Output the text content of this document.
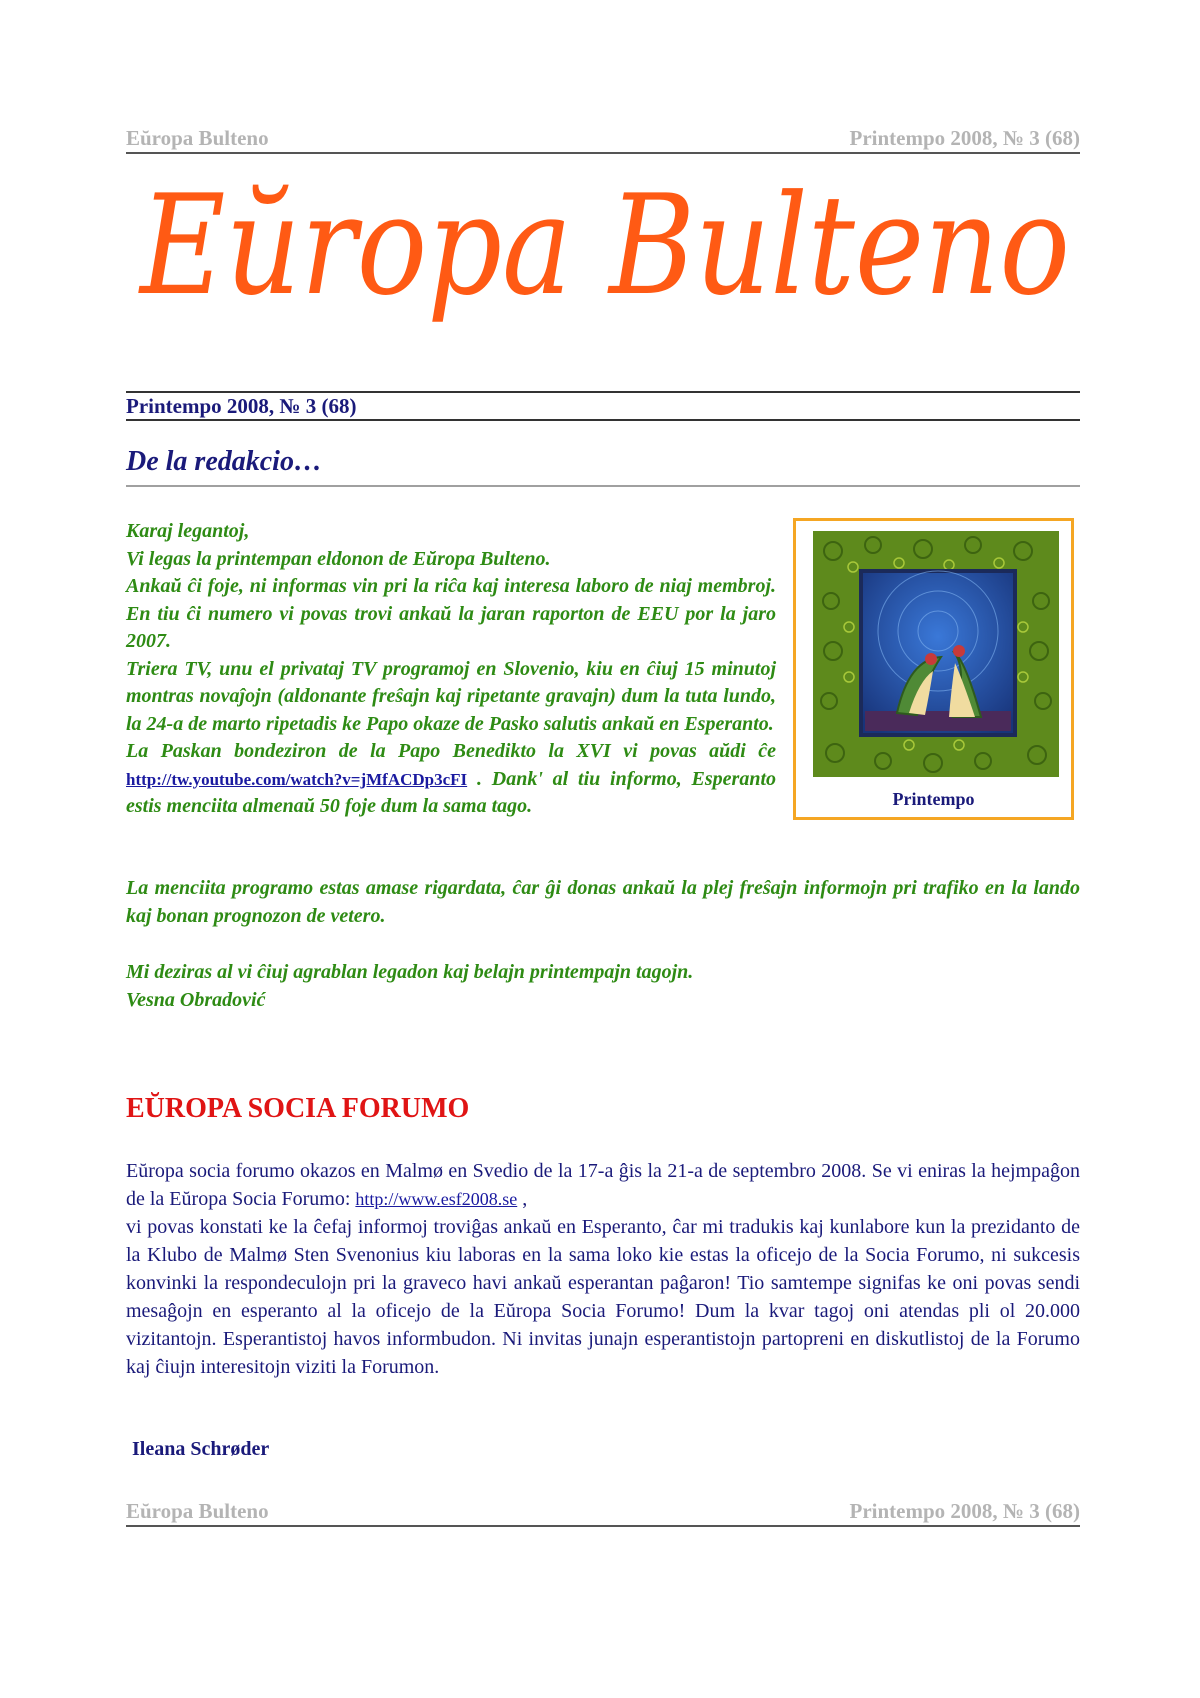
Eŭropa Bulteno	Printempo 2008, № 3 (68)
Eŭropa Bulteno
Printempo 2008, № 3 (68)
De la redakcio…

Karaj legantoj,

Vi legas la printempan eldonon de Eŭropa Bulteno.

Ankaŭ ĉi foje, ni informas vin pri la riĉa kaj interesa laboro de niaj membroj. En tiu ĉi numero vi povas trovi ankaŭ la jaran raporton de EEU por la jaro 2007.

Triera TV, unu el privataj TV programoj en Slovenio, kiu en ĉiuj 15 minutoj montras novaĵojn (aldonante freŝajn kaj ripetante gravajn) dum la tuta lundo, la 24-a de marto ripetadis ke Papo okaze de Pasko salutis ankaŭ en Esperanto.

La Paskan bondeziron de la Papo Benedikto la XVI vi povas aŭdi ĉe http://tw.youtube.com/watch?v=jMfACDp3cFI . Dank' al tiu informo, Esperanto estis menciita almenaŭ 50 foje dum la sama tago.

La menciita programo estas amase rigardata, ĉar ĝi donas ankaŭ la plej freŝajn informojn pri trafiko en la lando kaj bonan prognozon de vetero.

Mi deziras al vi ĉiuj agrablan legadon kaj belajn printempajn tagojn.

Vesna Obradović

Printempo
EŬROPA SOCIA FORUMO

Eŭropa socia forumo okazos en Malmø en Svedio de la 17-a ĝis la 21-a de septembro 2008. Se vi eniras la hejmpaĝon de la Eŭropa Socia Forumo: http://www.esf2008.se ,

vi povas konstati ke la ĉefaj informoj troviĝas ankaŭ en Esperanto, ĉar mi tradukis kaj kunlabore kun la prezidanto de la Klubo de Malmø Sten Svenonius kiu laboras en la sama loko kie estas la oficejo de la Socia Forumo, ni sukcesis konvinki la respondeculojn pri la graveco havi ankaŭ esperantan paĝaron! Tio samtempe signifas ke oni povas sendi mesaĝojn en esperanto al la oficejo de la Eŭropa Socia Forumo! Dum la kvar tagoj oni atendas pli ol 20.000 vizitantojn. Esperantistoj havos informbudon. Ni invitas junajn esperantistojn partopreni en diskutlistoj de la Forumo kaj ĉiujn interesitojn viziti la Forumon.

Ileana Schrøder
Eŭropa Bulteno	Printempo 2008, № 3 (68)
